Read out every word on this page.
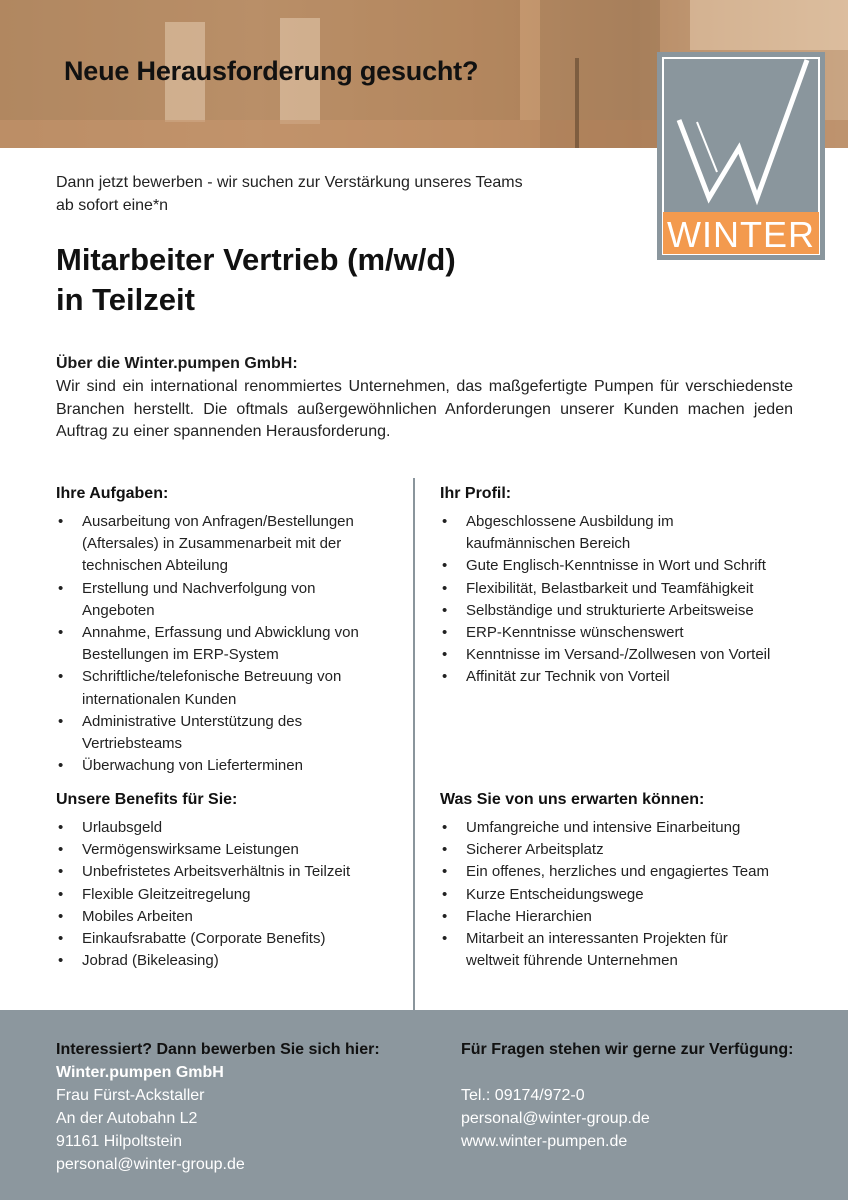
Neue Herausforderung gesucht?
WINTER
Dann jetzt bewerben - wir suchen zur Verstärkung unseres Teams
ab sofort eine*n
Mitarbeiter Vertrieb (m/w/d)
in Teilzeit
Über die Winter.pumpen GmbH:

Wir sind ein international renommiertes Unternehmen, das maßgefertigte Pumpen für verschiedenste Branchen herstellt. Die oftmals außergewöhnlichen Anforderungen unserer Kunden machen jeden Auftrag zu einer spannenden Herausforderung.

Ihre Aufgaben:
• Ausarbeitung von Anfragen/Bestellungen (Aftersales) in Zusammenarbeit mit der technischen Abteilung
• Erstellung und Nachverfolgung von Angeboten
• Annahme, Erfassung und Abwicklung von Bestellungen im ERP-System
• Schriftliche/telefonische Betreuung von internationalen Kunden
• Administrative Unterstützung des Vertriebsteams
• Überwachung von Lieferterminen
Ihr Profil:
• Abgeschlossene Ausbildung im kaufmännischen Bereich
• Gute Englisch-Kenntnisse in Wort und Schrift
• Flexibilität, Belastbarkeit und Teamfähigkeit
• Selbständige und strukturierte Arbeitsweise
• ERP-Kenntnisse wünschenswert
• Kenntnisse im Versand-/Zollwesen von Vorteil
• Affinität zur Technik von Vorteil
Unsere Benefits für Sie:
• Urlaubsgeld
• Vermögenswirksame Leistungen
• Unbefristetes Arbeitsverhältnis in Teilzeit
• Flexible Gleitzeitregelung
• Mobiles Arbeiten
• Einkaufsrabatte (Corporate Benefits)
• Jobrad (Bikeleasing)
Was Sie von uns erwarten können:
• Umfangreiche und intensive Einarbeitung
• Sicherer Arbeitsplatz
• Ein offenes, herzliches und engagiertes Team
• Kurze Entscheidungswege
• Flache Hierarchien
• Mitarbeit an interessanten Projekten für weltweit führende Unternehmen
Interessiert? Dann bewerben Sie sich hier:
Winter.pumpen GmbH
Frau Fürst-Ackstaller
An der Autobahn L2
91161 Hilpoltstein
personal@winter-group.de
Für Fragen stehen wir gerne zur Verfügung:
Tel.: 09174/972-0
personal@winter-group.de
www.winter-pumpen.de
